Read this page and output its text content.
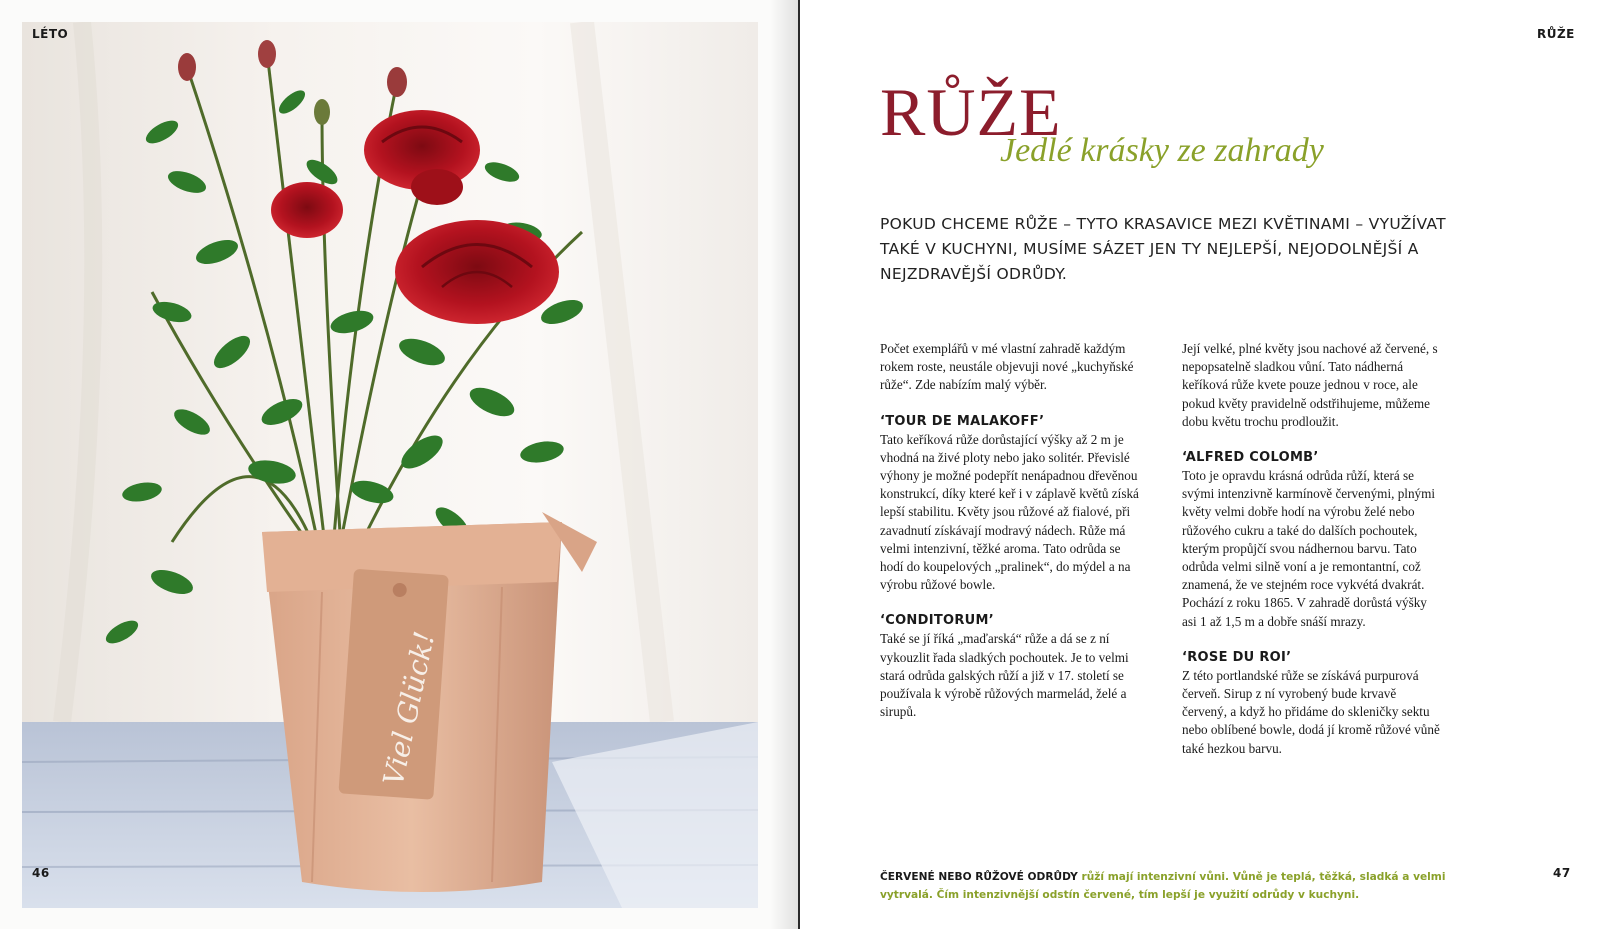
Viel Glück!
LÉTO
46
RŮŽE
RŮŽE
Jedlé krásky ze zahrady
POKUD CHCEME RŮŽE – TYTO KRASAVICE MEZI KVĚTINAMI – VYUŽÍVAT TAKÉ V KUCHYNI, MUSÍME SÁZET JEN TY NEJLEPŠÍ, NEJODOLNĚJŠÍ A NEJZDRAVĚJŠÍ ODRŮDY.

Počet exemplářů v mé vlastní zahradě každým rokem roste, neustále objevuji nové „kuchyňské růže“. Zde nabízím malý výběr.

‘TOUR DE MALAKOFF’

Tato keříková růže dorůstající výšky až 2 m je vhodná na živé ploty nebo jako solitér. Převislé výhony je možné podepřít nenápadnou dřevěnou konstrukcí, díky které keř i v záplavě květů získá lepší stabilitu. Květy jsou růžové až fialové, při zavadnutí získávají modravý nádech. Růže má velmi intenzivní, těžké aroma. Tato odrůda se hodí do koupelových „pralinek“, do mýdel a na výrobu růžové bowle.

‘CONDITORUM’

Také se jí říká „maďarská“ růže a dá se z ní vykouzlit řada sladkých pochoutek. Je to velmi stará odrůda galských růží a již v 17. století se používala k výrobě růžových marmelád, želé a sirupů.

Její velké, plné květy jsou nachové až červené, s nepopsatelně sladkou vůní. Tato nádherná keříková růže kvete pouze jednou v roce, ale pokud květy pravidelně odstřihujeme, můžeme dobu květu trochu prodloužit.

‘ALFRED COLOMB’

Toto je opravdu krásná odrůda růží, která se svými intenzivně karmínově červenými, plnými květy velmi dobře hodí na výrobu želé nebo růžového cukru a také do dalších pochoutek, kterým propůjčí svou nádhernou barvu. Tato odrůda velmi silně voní a je remontantní, což znamená, že ve stejném roce vykvétá dvakrát. Pochází z roku 1865. V zahradě dorůstá výšky asi 1 až 1,5 m a dobře snáší mrazy.

‘ROSE DU ROI’

Z této portlandské růže se získává purpurová červeň. Sirup z ní vyrobený bude krvavě červený, a když ho přidáme do skleničky sektu nebo oblíbené bowle, dodá jí kromě růžové vůně také hezkou barvu.

ČERVENÉ NEBO RŮŽOVÉ ODRŮDY růží mají intenzivní vůni. Vůně je teplá, těžká, sladká a velmi vytrvalá. Čím intenzivnější odstín červené, tím lepší je využití odrůdy v kuchyni.
47
